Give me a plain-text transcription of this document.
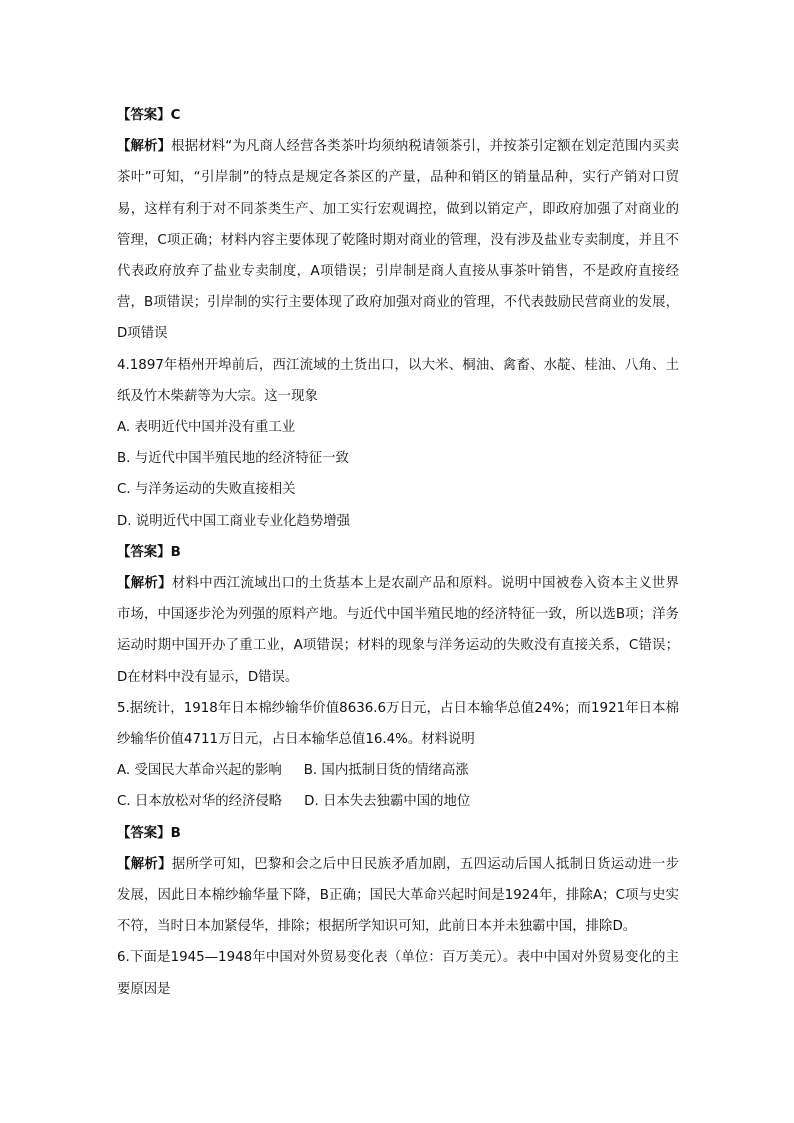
【答案】C

【解析】根据材料“为凡商人经营各类茶叶均须纳税请领茶引，并按茶引定额在划定范围内买卖茶叶”可知，“引岸制”的特点是规定各茶区的产量，品种和销区的销量品种，实行产销对口贸易，这样有利于对不同茶类生产、加工实行宏观调控，做到以销定产，即政府加强了对商业的管理，C项正确；材料内容主要体现了乾隆时期对商业的管理，没有涉及盐业专卖制度，并且不代表政府放弃了盐业专卖制度，A项错误；引岸制是商人直接从事茶叶销售，不是政府直接经营，B项错误；引岸制的实行主要体现了政府加强对商业的管理，不代表鼓励民营商业的发展，D项错误

4.1897年梧州开埠前后，西江流域的土货出口，以大米、桐油、禽畜、水靛、桂油、八角、土纸及竹木柴薪等为大宗。这一现象

A. 表明近代中国并没有重工业

B. 与近代中国半殖民地的经济特征一致

C. 与洋务运动的失败直接相关

D. 说明近代中国工商业专业化趋势增强

【答案】B

【解析】材料中西江流域出口的土货基本上是农副产品和原料。说明中国被卷入资本主义世界市场，中国逐步沦为列强的原料产地。与近代中国半殖民地的经济特征一致，所以选B项；洋务运动时期中国开办了重工业，A项错误；材料的现象与洋务运动的失败没有直接关系，C错误；D在材料中没有显示，D错误。

5.据统计，1918年日本棉纱输华价值8636.6万日元，占日本输华总值24%；而1921年日本棉纱输华价值4711万日元，占日本输华总值16.4%。材料说明

A. 受国民大革命兴起的影响 B. 国内抵制日货的情绪高涨

C. 日本放松对华的经济侵略 D. 日本失去独霸中国的地位

【答案】B

【解析】据所学可知，巴黎和会之后中日民族矛盾加剧，五四运动后国人抵制日货运动进一步发展，因此日本棉纱输华量下降，B正确；国民大革命兴起时间是1924年，排除A；C项与史实不符，当时日本加紧侵华，排除；根据所学知识可知，此前日本并未独霸中国，排除D。

6.下面是1945—1948年中国对外贸易变化表（单位：百万美元）。表中中国对外贸易变化的主要原因是
